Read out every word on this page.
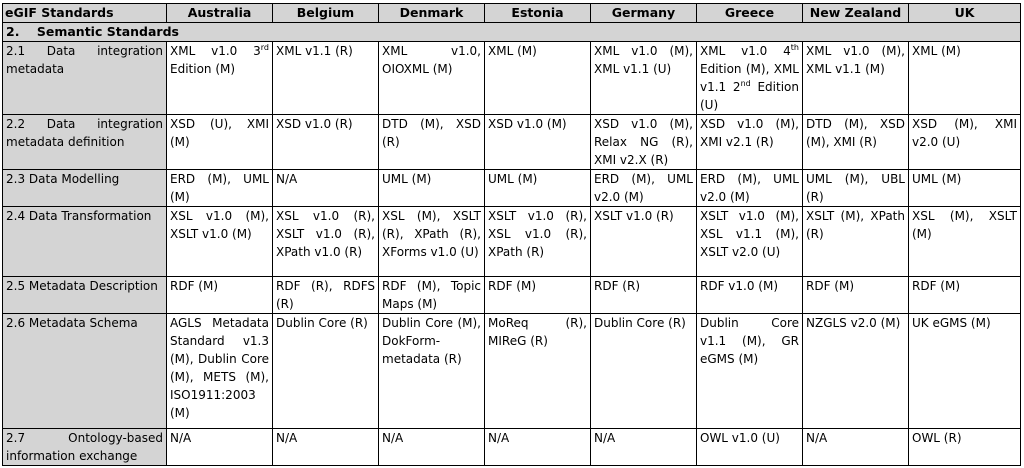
eGIF Standards	Australia	Belgium	Denmark	Estonia	Germany	Greece	New Zealand	UK
2.    Semantic Standards								
2.1 Data integration metadata	XML v1.0 3rd Edition (M)	XML v1.1 (R)	XML v1.0, OIOXML (M)	XML (M)	XML v1.0 (M), XML v1.1 (U)	XML v1.0 4th Edition (M), XML v1.1 2nd Edition (U)	XML v1.0 (M), XML v1.1 (M)	XML (M)
2.2 Data integration metadata definition	XSD (U), XMI (M)	XSD v1.0 (R)	DTD (M), XSD (R)	XSD v1.0 (M)	XSD v1.0 (M), Relax NG (R), XMI v2.X (R)	XSD v1.0 (M), XMI v2.1 (R)	DTD (M), XSD (M), XMI (R)	XSD (M), XMI v2.0 (U)
2.3 Data Modelling	ERD (M), UML (M)	N/A	UML (M)	UML (M)	ERD (M), UML v2.0 (M)	ERD (M), UML v2.0 (M)	UML (M), UBL (R)	UML (M)
2.4 Data Transformation	XSL v1.0 (M), XSLT v1.0 (M)	XSL v1.0 (R), XSLT v1.0 (R), XPath v1.0 (R)	XSL (M), XSLT (R), XPath (R), XForms v1.0 (U)	XSLT v1.0 (R), XSL v1.0 (R), XPath (R)	XSLT v1.0 (R)	XSLT v1.0 (M), XSL v1.1 (M), XSLT v2.0 (U)	XSLT (M), XPath (R)	XSL (M), XSLT (M)
2.5 Metadata Description	RDF (M)	RDF (R), RDFS (R)	RDF (M), Topic Maps (M)	RDF (M)	RDF (R)	RDF v1.0 (M)	RDF (M)	RDF (M)
2.6 Metadata Schema	AGLS Metadata Standard v1.3 (M), Dublin Core (M), METS (M), ISO1911:2003 (M)	Dublin Core (R)	Dublin Core (M), DokForm-metadata (R)	MoReq (R), MIReG (R)	Dublin Core (R)	Dublin Core v1.1 (M), GR eGMS (M)	NZGLS v2.0 (M)	UK eGMS (M)
2.7 Ontology-based information exchange	N/A	N/A	N/A	N/A	N/A	OWL v1.0 (U)	N/A	OWL (R)
